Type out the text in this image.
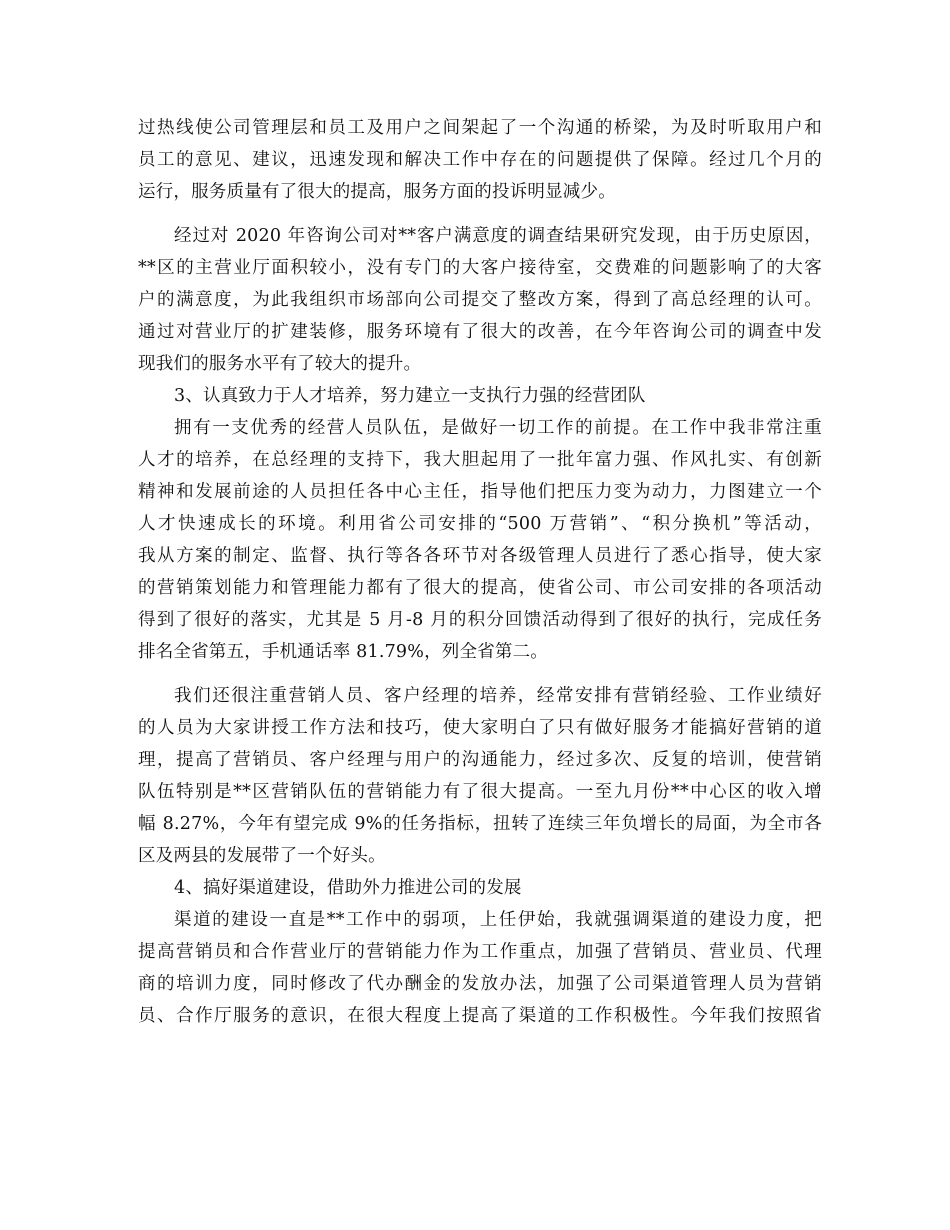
过热线使公司管理层和员工及用户之间架起了一个沟通的桥梁，为及时听取用户和
员工的意见、建议，迅速发现和解决工作中存在的问题提供了保障。经过几个月的
运行，服务质量有了很大的提高，服务方面的投诉明显减少。
经过对 2020 年咨询公司对**客户满意度的调查结果研究发现，由于历史原因，
**区的主营业厅面积较小，没有专门的大客户接待室，交费难的问题影响了的大客
户的满意度，为此我组织市场部向公司提交了整改方案，得到了高总经理的认可。
通过对营业厅的扩建装修，服务环境有了很大的改善，在今年咨询公司的调查中发
现我们的服务水平有了较大的提升。
3、认真致力于人才培养，努力建立一支执行力强的经营团队
拥有一支优秀的经营人员队伍，是做好一切工作的前提。在工作中我非常注重
人才的培养，在总经理的支持下，我大胆起用了一批年富力强、作风扎实、有创新
精神和发展前途的人员担任各中心主任，指导他们把压力变为动力，力图建立一个
人才快速成长的环境。利用省公司安排的“500 万营销”、“积分换机”等活动，
我从方案的制定、监督、执行等各各环节对各级管理人员进行了悉心指导，使大家
的营销策划能力和管理能力都有了很大的提高，使省公司、市公司安排的各项活动
得到了很好的落实，尤其是 5 月-8 月的积分回馈活动得到了很好的执行，完成任务
排名全省第五，手机通话率 81.79%，列全省第二。
我们还很注重营销人员、客户经理的培养，经常安排有营销经验、工作业绩好
的人员为大家讲授工作方法和技巧，使大家明白了只有做好服务才能搞好营销的道
理，提高了营销员、客户经理与用户的沟通能力，经过多次、反复的培训，使营销
队伍特别是**区营销队伍的营销能力有了很大提高。一至九月份**中心区的收入增
幅 8.27%，今年有望完成 9%的任务指标，扭转了连续三年负增长的局面，为全市各
区及两县的发展带了一个好头。
4、搞好渠道建设，借助外力推进公司的发展
渠道的建设一直是**工作中的弱项，上任伊始，我就强调渠道的建设力度，把
提高营销员和合作营业厅的营销能力作为工作重点，加强了营销员、营业员、代理
商的培训力度，同时修改了代办酬金的发放办法，加强了公司渠道管理人员为营销
员、合作厅服务的意识，在很大程度上提高了渠道的工作积极性。今年我们按照省
